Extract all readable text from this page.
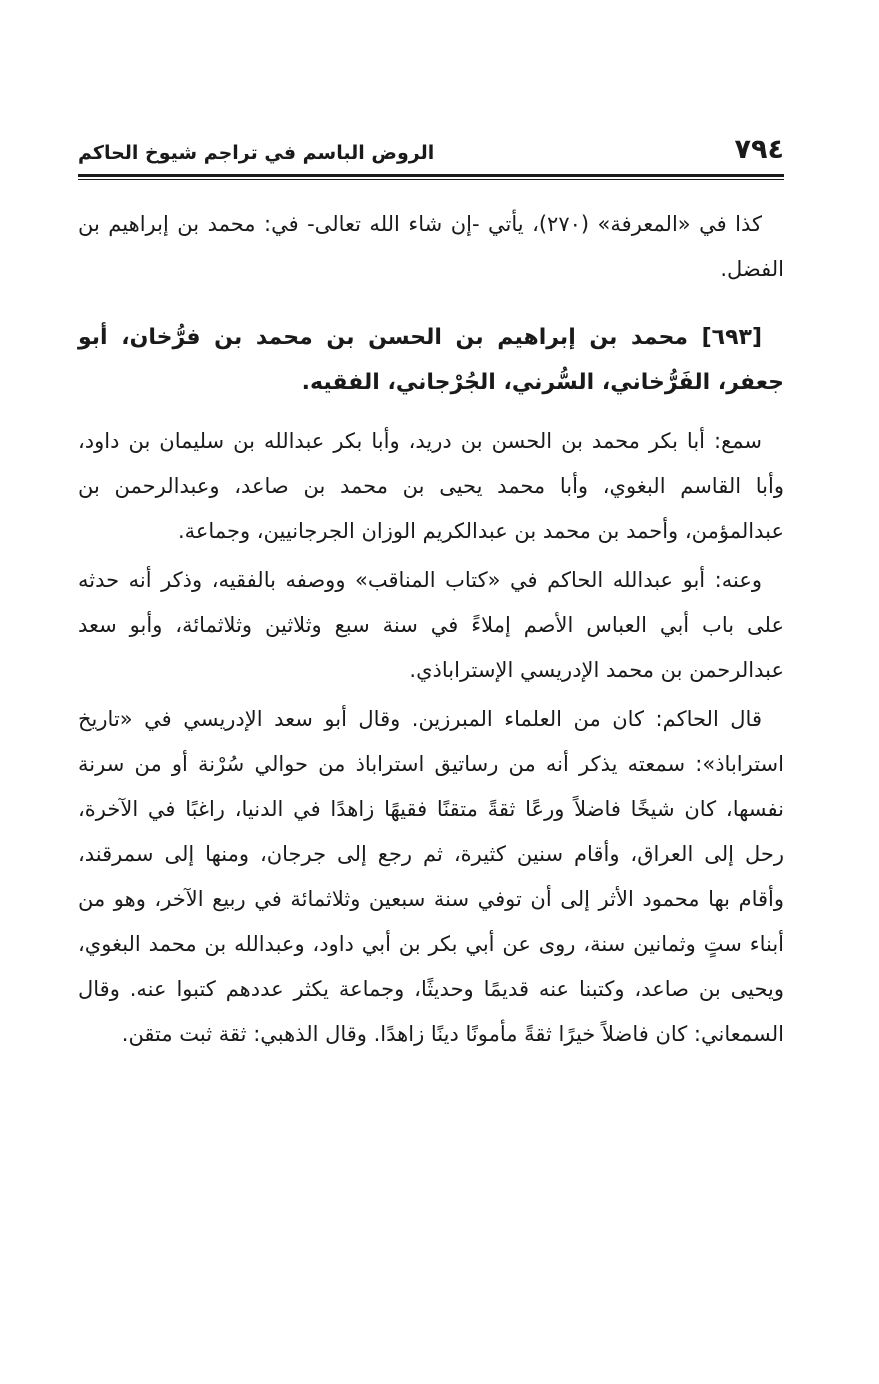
٧٩٤
الروض الباسم في تراجم شيوخ الحاكم

كذا في «المعرفة» (٢٧٠)، يأتي -إن شاء الله تعالى- في: محمد بن إبراهيم بن الفضل.

[٦٩٣] محمد بن إبراهيم بن الحسن بن محمد بن فرُّخان، أبو جعفر، الفَرُّخاني، السُّرني، الجُرْجاني، الفقيه.

سمع: أبا بكر محمد بن الحسن بن دريد، وأبا بكر عبدالله بن سليمان بن داود، وأبا القاسم البغوي، وأبا محمد يحيى بن محمد بن صاعد، وعبدالرحمن بن عبدالمؤمن، وأحمد بن محمد بن عبدالكريم الوزان الجرجانيين، وجماعة.

وعنه: أبو عبدالله الحاكم في «كتاب المناقب» ووصفه بالفقيه، وذكر أنه حدثه على باب أبي العباس الأصم إملاءً في سنة سبع وثلاثين وثلاثمائة، وأبو سعد عبدالرحمن بن محمد الإدريسي الإستراباذي.

قال الحاكم: كان من العلماء المبرزين. وقال أبو سعد الإدريسي في «تاريخ استراباذ»: سمعته يذكر أنه من رساتيق استراباذ من حوالي سُرْنة أو من سرنة نفسها، كان شيخًا فاضلاً ورعًا ثقةً متقنًا فقيهًا زاهدًا في الدنيا، راغبًا في الآخرة، رحل إلى العراق، وأقام سنين كثيرة، ثم رجع إلى جرجان، ومنها إلى سمرقند، وأقام بها محمود الأثر إلى أن توفي سنة سبعين وثلاثمائة في ربيع الآخر، وهو من أبناء ستٍ وثمانين سنة، روى عن أبي بكر بن أبي داود، وعبدالله بن محمد البغوي، ويحيى بن صاعد، وكتبنا عنه قديمًا وحديثًا، وجماعة يكثر عددهم كتبوا عنه. وقال السمعاني: كان فاضلاً خيرًا ثقةً مأمونًا دينًا زاهدًا. وقال الذهبي: ثقة ثبت متقن.
